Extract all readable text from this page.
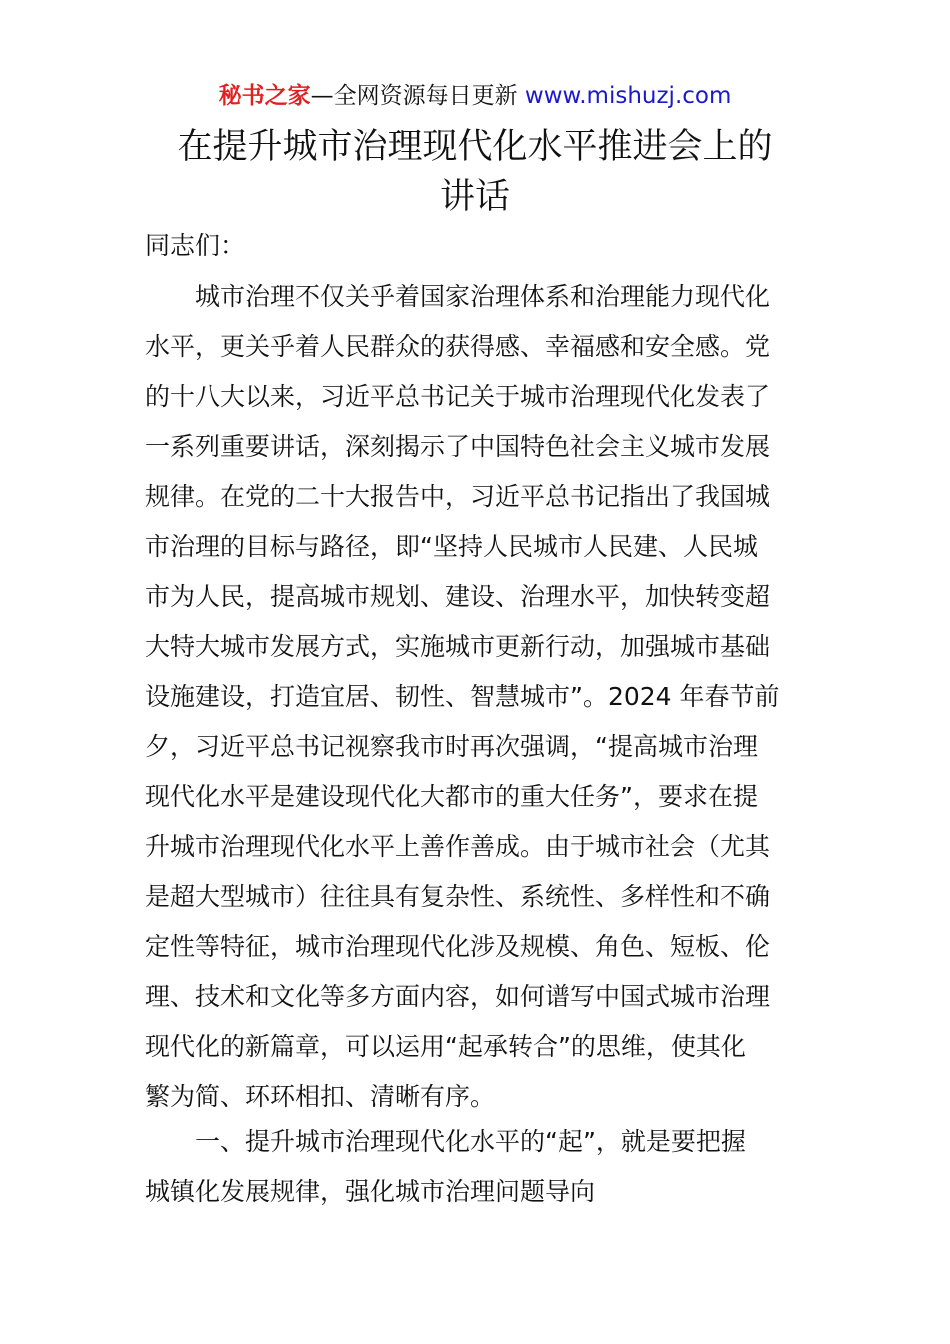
秘书之家—全网资源每日更新 www.mishuzj.com
在提升城市治理现代化水平推进会上的
讲话

同志们：

城市治理不仅关乎着国家治理体系和治理能力现代化
水平，更关乎着人民群众的获得感、幸福感和安全感。党
的十八大以来，习近平总书记关于城市治理现代化发表了
一系列重要讲话，深刻揭示了中国特色社会主义城市发展
规律。在党的二十大报告中，习近平总书记指出了我国城
市治理的目标与路径，即“坚持人民城市人民建、人民城
市为人民，提高城市规划、建设、治理水平，加快转变超
大特大城市发展方式，实施城市更新行动，加强城市基础
设施建设，打造宜居、韧性、智慧城市”。2024 年春节前
夕，习近平总书记视察我市时再次强调，“提高城市治理
现代化水平是建设现代化大都市的重大任务”，要求在提
升城市治理现代化水平上善作善成。由于城市社会（尤其
是超大型城市）往往具有复杂性、系统性、多样性和不确
定性等特征，城市治理现代化涉及规模、角色、短板、伦
理、技术和文化等多方面内容，如何谱写中国式城市治理
现代化的新篇章，可以运用“起承转合”的思维，使其化
繁为简、环环相扣、清晰有序。
一、提升城市治理现代化水平的“起”，就是要把握
城镇化发展规律，强化城市治理问题导向
